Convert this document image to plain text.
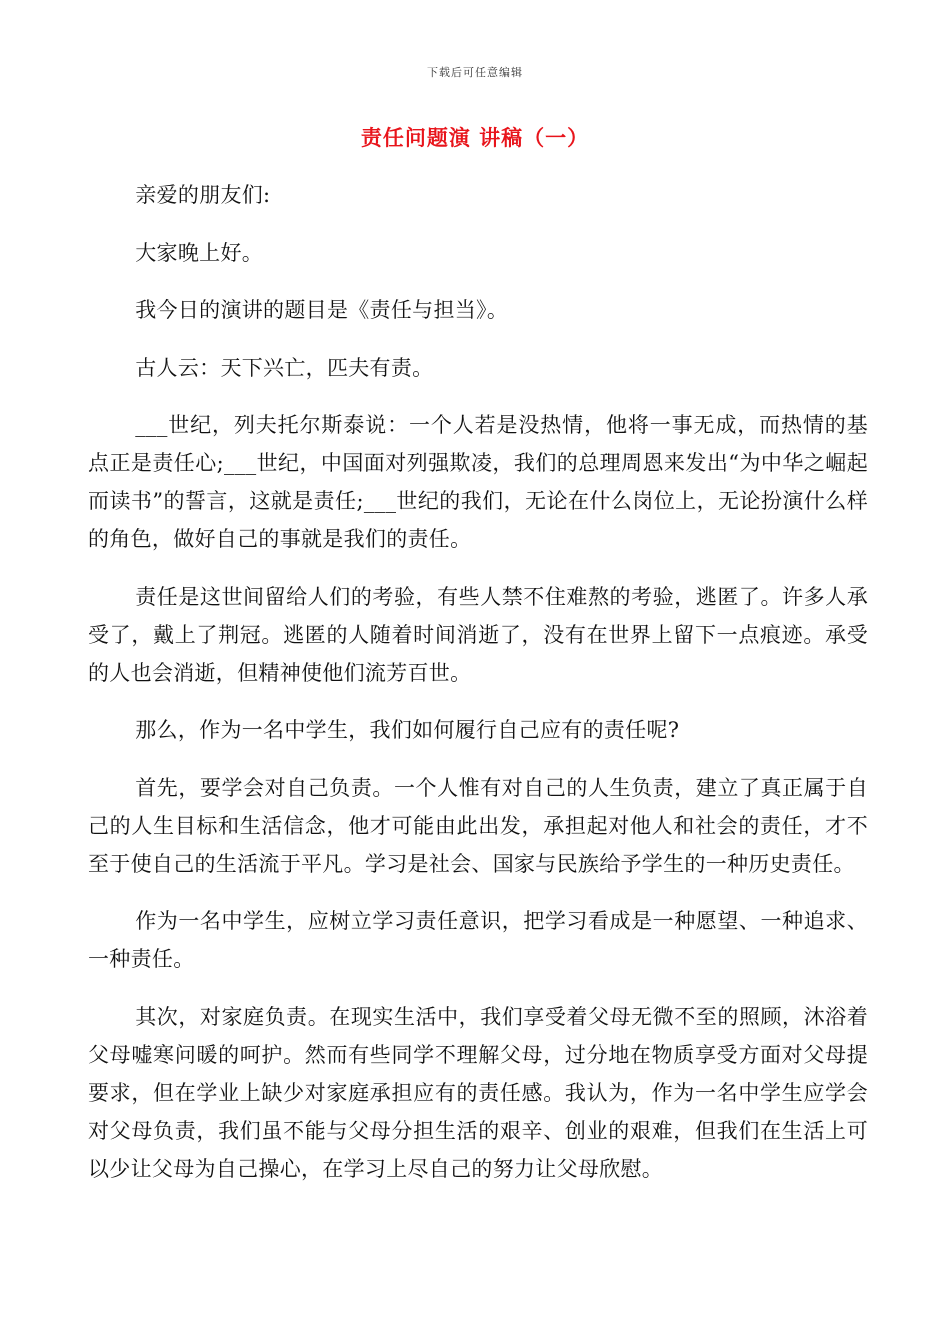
下载后可任意编辑
责任问题演 讲稿（一）

亲爱的朋友们:

大家晚上好。

我今日的演讲的题目是《责任与担当》。

古人云：天下兴亡，匹夫有责。

___世纪，列夫托尔斯泰说：一个人若是没热情，他将一事无成，而热情的基点正是责任心;___世纪，中国面对列强欺凌，我们的总理周恩来发出“为中华之崛起而读书”的誓言，这就是责任;___世纪的我们，无论在什么岗位上，无论扮演什么样的角色，做好自己的事就是我们的责任。

责任是这世间留给人们的考验，有些人禁不住难熬的考验，逃匿了。许多人承受了，戴上了荆冠。逃匿的人随着时间消逝了，没有在世界上留下一点痕迹。承受的人也会消逝，但精神使他们流芳百世。

那么，作为一名中学生，我们如何履行自己应有的责任呢?

首先，要学会对自己负责。一个人惟有对自己的人生负责，建立了真正属于自己的人生目标和生活信念，他才可能由此出发，承担起对他人和社会的责任，才不至于使自己的生活流于平凡。学习是社会、国家与民族给予学生的一种历史责任。

作为一名中学生，应树立学习责任意识，把学习看成是一种愿望、一种追求、一种责任。

其次，对家庭负责。在现实生活中，我们享受着父母无微不至的照顾，沐浴着父母嘘寒问暖的呵护。然而有些同学不理解父母，过分地在物质享受方面对父母提要求，但在学业上缺少对家庭承担应有的责任感。我认为，作为一名中学生应学会对父母负责，我们虽不能与父母分担生活的艰辛、创业的艰难，但我们在生活上可以少让父母为自己操心，在学习上尽自己的努力让父母欣慰。
